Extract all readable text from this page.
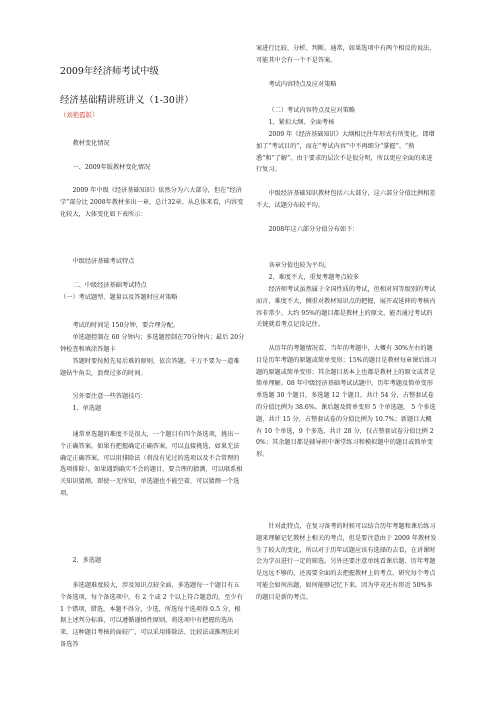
2009年经济师考试中级
经济基础精讲班讲义（1-30讲）
（刘艳霞版）
教材变化情况
一、2009年版教材变化情况
2009 年中级《经济基础知识》依然分为六大部分，但在“经济学”部分比 2008年教材多出一章，总计32章。从总体来看，内容变化较大，大体变化如下表所示：
中级经济基础考试特点
二、中级经济基础考试特点
（一）考试题型、题量以及答题时应对策略
考试的时间是 150分钟，要合理分配。
单选题控制在 60 分钟内；多选题控制在70分钟内；最后 20分钟检查和填涂答题卡
答题时要按照先易后难的原则，依次答题。千万不要为一道难题钻牛角尖，浪费过多的时间。
另外要注意一些答题技巧：
1、单选题
通常单选题的难度不是很大，一个题目有四个备选项，挑出一个正确答案。如果有把握确定正确答案，可以直接挑选，如果无法确定正确答案，可以用排除法（将没有见过的选项以及不合常理的选项排除）。如果遇到确实不会的题目，要合理的猜测，可以联系相关知识猜测。即使一无所知，单选题也不能空着，可以猜测一个选项。
2、多选题
多选题难度较大，涉及知识点较全面，多选题每一个题目有五个备选项，每个备选项中，有 2 个或 2 个以上符合题意的，至少有 1 个错项，错选，本题不得分，少选，所选每个选项得 0.5 分，根据上述判分标准，可以遵循谨慎性原则，将选项中有把握的选出来，这种题目考核的面较广，可以采用排除法、比较法或推理法对备选答
案进行比较、分析、判断。通常，如果选项中有两个相反的说法，可能其中会有一个不是答案。
考试内容特点及应对策略
（二）考试内容特点及应对策略
1、紧扣大纲、全面考核
2009 年《经济基础知识》大纲相比往年形式有所变化，即增加了“考试目的”，而在“考试内容”中不再细分“掌握”、“熟悉”和“了解”。由于要求的层次不是很分明，所以更应全面的来进行复习。
中级经济基础知识教材包括六大部分，这六部分分值比例相差不大，试题分布较平均。
2008年这六部分分值分布如下：
各章分值也较为平均。
2、难度不大，重复考题考点较多
经济师考试虽然属于全国性质的考试，但相对同等级别的考试而言，难度不大，侧重对教材知识点的把握，展开或延伸的考核内容非常少。大约 95%的题目都是教材上的原文，能否通过考试的关键就看考点记没记住。
从历年的考题情况看，当年的考题中，大概有 30%左右的题目是历年考题的原题或简单变形；15%的题目是教材每章课后练习题的原题或简单变形；其余题目基本上也都是教材上的原文或者是简单理解。08 年中级经济基础考试试题中，历年考题及简单变形单选题 30 个题目，多选题 12 个题目，共计 54 分，占整套试卷的分值比例为 38.6%。课后题及简单变形 5 个单选题， 5 个多选题，共计 15 分，占整套试卷的分值比例为 10.7%；新题目大概有 10 个单选，9 个多选，共计 28 分，仅占整套试卷分值比例 20%；其余题目都是辅导班中课堂练习和模拟题中的题目或简单变形。
针对此特点，在复习备考的时候可以结合历年考题和课后练习题来理解记忆教材上相关的考点，但是要注意由于 2009 年教材发生了较大的变化，所以对于历年试题应该有选择的去看，在讲课时会为学员进行一定的筛选。另外还要注意单纯看课后题、历年考题是远远不够的，还需要全面的去把握教材上的考点，研究每个考点可能会如何出题，如何能够记忆下来。因为毕竟还有将近 50%多的题目是新的考点。
